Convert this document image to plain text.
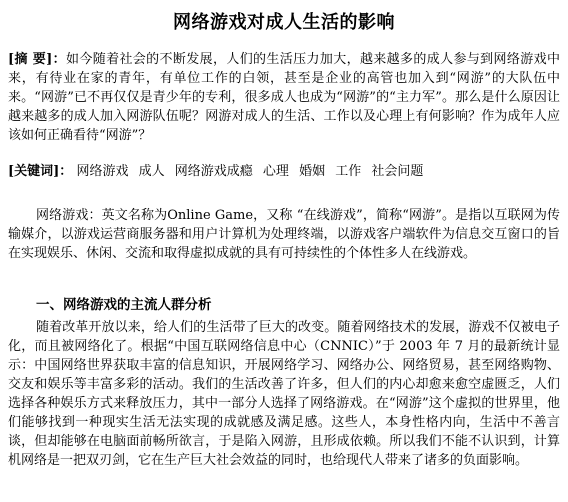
网络游戏对成人生活的影响
[摘 要]：如今随着社会的不断发展，人们的生活压力加大，越来越多的成人参与到网络游戏中来，有待业在家的青年，有单位工作的白领，甚至是企业的高管也加入到“网游”的大队伍中来。“网游”已不再仅仅是青少年的专利，很多成人也成为“网游”的“主力军”。那么是什么原因让越来越多的成人加入网游队伍呢？网游对成人的生活、工作以及心理上有何影响？作为成年人应该如何正确看待“网游”？
[关键词]： 网络游戏 成人 网络游戏成瘾 心理 婚姻 工作 社会问题
网络游戏：英文名称为Online Game，又称 “在线游戏”，简称“网游”。是指以互联网为传输媒介，以游戏运营商服务器和用户计算机为处理终端，以游戏客户端软件为信息交互窗口的旨在实现娱乐、休闲、交流和取得虚拟成就的具有可持续性的个体性多人在线游戏。
一、网络游戏的主流人群分析
随着改革开放以来，给人们的生活带了巨大的改变。随着网络技术的发展，游戏不仅被电子化，而且被网络化了。根据“中国互联网络信息中心（CNNIC）”于 2003 年 7 月的最新统计显示：中国网络世界获取丰富的信息知识，开展网络学习、网络办公、网络贸易，甚至网络购物、交友和娱乐等丰富多彩的活动。我们的生活改善了许多，但人们的内心却愈来愈空虚匮乏，人们选择各种娱乐方式来释放压力，其中一部分人选择了网络游戏。在“网游”这个虚拟的世界里，他们能够找到一种现实生活无法实现的成就感及满足感。这些人，本身性格内向，生活中不善言谈，但却能够在电脑面前畅所欲言，于是陷入网游，且形成依赖。所以我们不能不认识到，计算机网络是一把双刃剑，它在生产巨大社会效益的同时，也给现代人带来了诸多的负面影响。
